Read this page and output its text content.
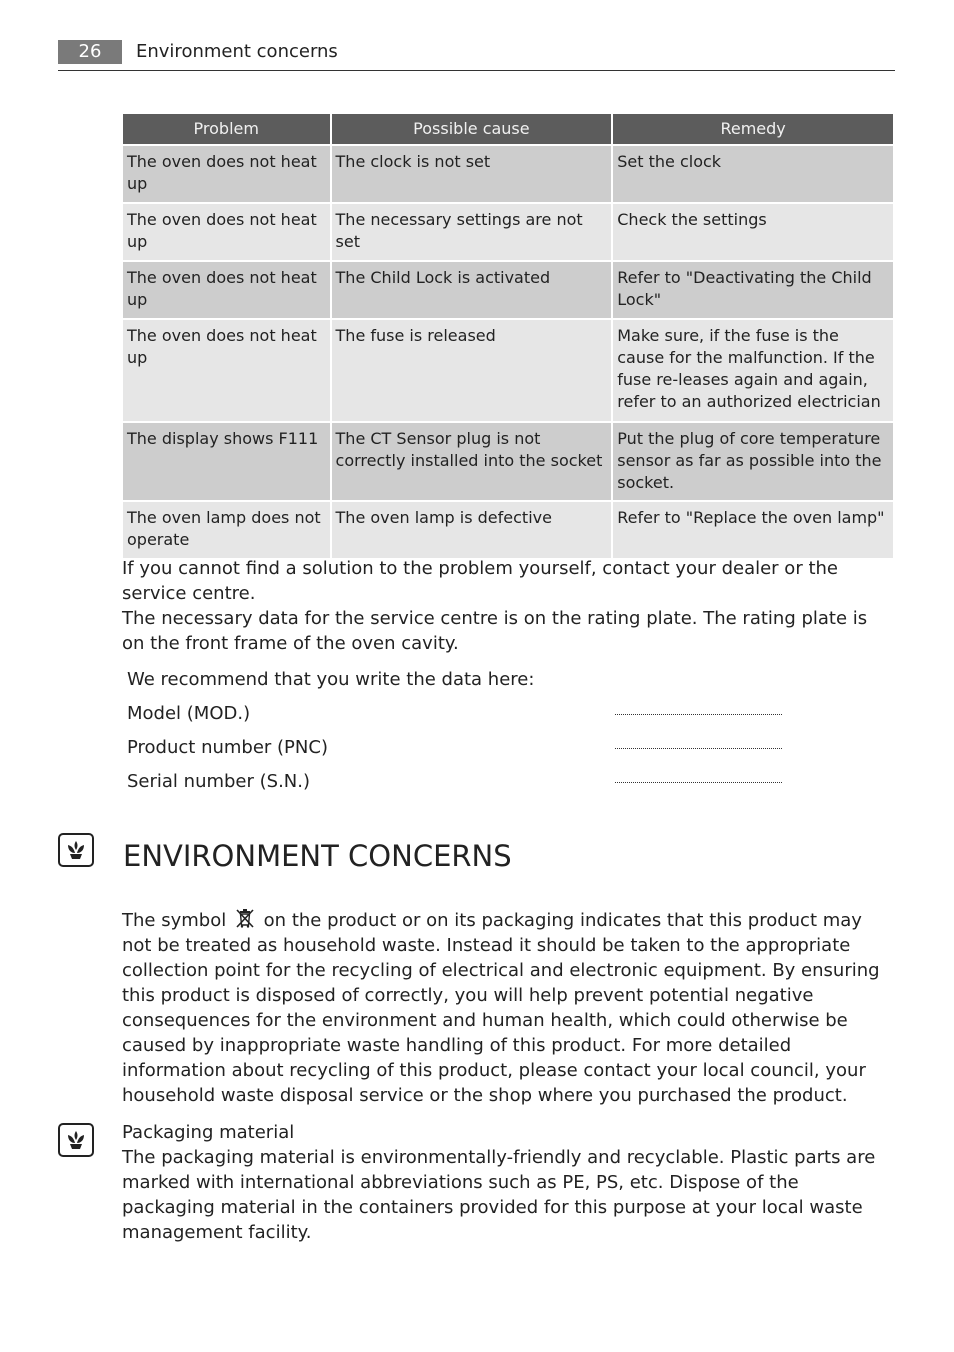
26	Environment concerns
Problem	Possible cause	Remedy
The oven does not heat up	The clock is not set	Set the clock
The oven does not heat up	The necessary settings are not set	Check the settings
The oven does not heat up	The Child Lock is activated	Refer to "Deactivating the Child Lock"
The oven does not heat up	The fuse is released	Make sure, if the fuse is the cause for the malfunction. If the fuse re-leases again and again, refer to an authorized electrician
The display shows F111	The CT Sensor plug is not correctly installed into the socket	Put the plug of core temperature sensor as far as possible into the socket.
The oven lamp does not operate	The oven lamp is defective	Refer to "Replace the oven lamp"

If you cannot find a solution to the problem yourself, contact your dealer or the service centre.

The necessary data for the service centre is on the rating plate. The rating plate is on the front frame of the oven cavity.

We recommend that you write the data here:
Model (MOD.)
Product number (PNC)
Serial number (S.N.)
ENVIRONMENT CONCERNS

The symbol on the product or on its packaging indicates that this product may not be treated as household waste. Instead it should be taken to the appropriate collection point for the recycling of electrical and electronic equipment. By ensuring this product is disposed of correctly, you will help prevent potential negative consequences for the environment and human health, which could otherwise be caused by inappropriate waste handling of this product. For more detailed information about recycling of this product, please contact your local council, your household waste disposal service or the shop where you purchased the product.

Packaging material
The packaging material is environmentally-friendly and recyclable. Plastic parts are marked with international abbreviations such as PE, PS, etc. Dispose of the packaging material in the containers provided for this purpose at your local waste management facility.
